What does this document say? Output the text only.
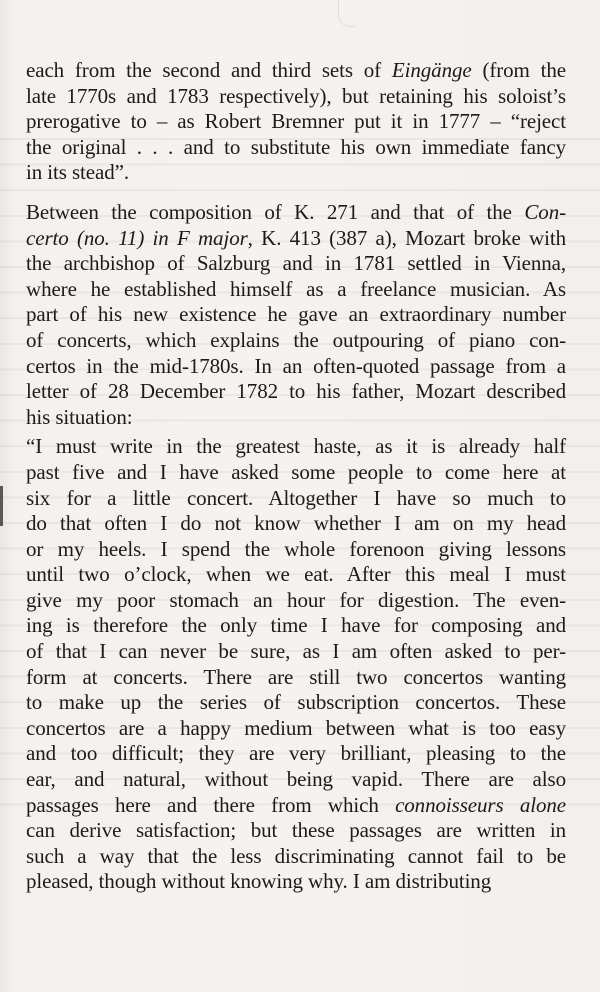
each from the second and third sets of Eingänge (from the
late 1770s and 1783 respectively), but retaining his soloist’s
prerogative to – as Robert Bremner put it in 1777 – “reject
the original . . . and to substitute his own immediate fancy
in its stead”.

Between the composition of K. 271 and that of the Con-
certo (no. 11) in F major, K. 413 (387 a), Mozart broke with
the archbishop of Salzburg and in 1781 settled in Vienna,
where he established himself as a freelance musician. As
part of his new existence he gave an extraordinary number
of concerts, which explains the outpouring of piano con-
certos in the mid-1780s. In an often-quoted passage from a
letter of 28 December 1782 to his father, Mozart described
his situation:

“I must write in the greatest haste, as it is already half
past five and I have asked some people to come here at
six for a little concert. Altogether I have so much to
do that often I do not know whether I am on my head
or my heels. I spend the whole forenoon giving lessons
until two o’clock, when we eat. After this meal I must
give my poor stomach an hour for digestion. The even-
ing is therefore the only time I have for composing and
of that I can never be sure, as I am often asked to per-
form at concerts. There are still two concertos wanting
to make up the series of subscription concertos. These
concertos are a happy medium between what is too easy
and too difficult; they are very brilliant, pleasing to the
ear, and natural, without being vapid. There are also
passages here and there from which connoisseurs alone
can derive satisfaction; but these passages are written in
such a way that the less discriminating cannot fail to be
pleased, though without knowing why. I am distributing
